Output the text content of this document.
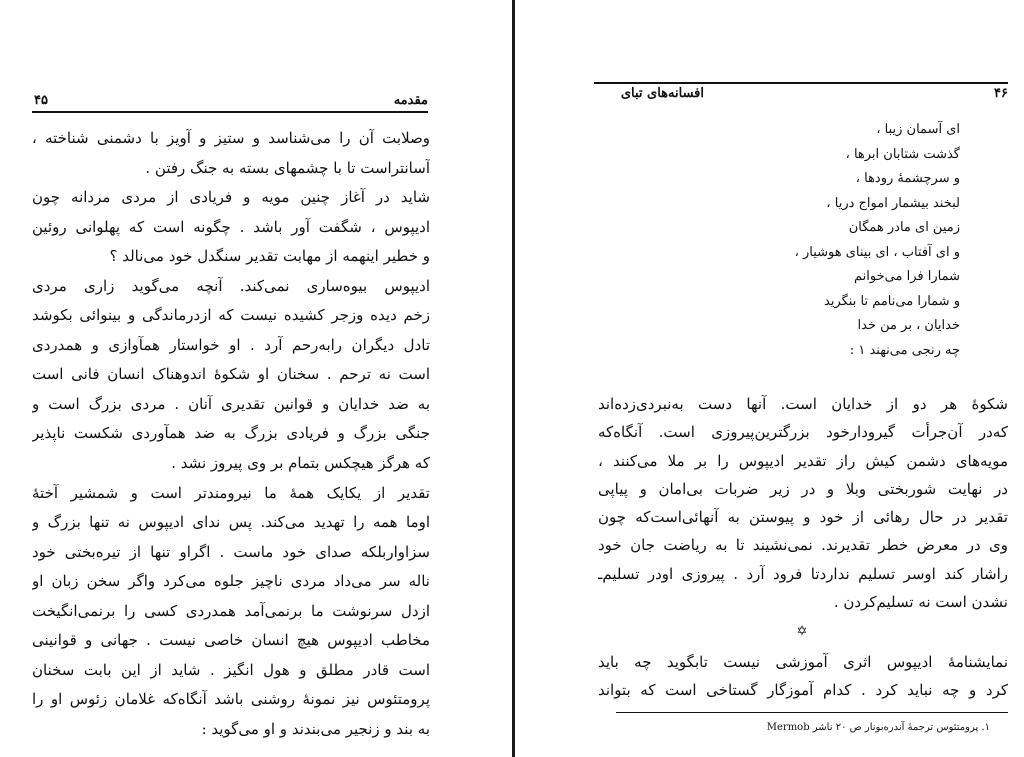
۴۵	مقدمه
وصلابت آن را می‌شناسد و ستیز و آویز با دشمنی شناخته ،
آسانتراست تا با چشمهای بسته به جنگ رفتن .
شاید در آغاز چنین مویه و فریادی از مردی مردانه چون
ادیپوس ، شگفت آور باشد . چگونه است که پهلوانی روئین
و خطیر اینهمه از مهابت تقدیر سنگدل خود می‌نالد ؟
ادیپوس بیوه‌ساری نمی‌کند. آنچه می‌گوید زاری مردی
زخم دیده وزجر کشیده نیست که ازدرماندگی و بینوائی بکوشد
تادل دیگران رابه‌رحم آرد . او خواستار همآوازی و همدردی
است نه ترحم . سخنان او شکوهٔ اندوهناک انسان فانی است
به ضد خدایان و قوانین تقدیری آنان . مردی بزرگ است و
جنگی بزرگ و فریادی بزرگ به ضد همآوردی شکست ناپذیر
که هرگز هیچکس بتمام بر وی پیروز نشد .
تقدیر از یکایک همهٔ ما نیرومندتر است و شمشیر آختهٔ
اوما همه را تهدید می‌کند. پس ندای ادیپوس نه تنها بزرگ و
سزاواربلکه صدای خود ماست . اگراو تنها از تیره‌بختی خود
ناله سر می‌داد مردی ناچیز جلوه می‌کرد واگر سخن زبان او
ازدل سرنوشت ما برنمی‌آمد همدردی کسی را برنمی‌انگیخت
مخاطب ادیپوس هیچ انسان خاصی نیست . جهانی و قوانینی
است قادر مطلق و هول انگیز . شاید از این بابت سخنان
پرومتئوس نیز نمونهٔ روشنی باشد آنگاه‌که غلامان زئوس او را
به بند و زنجیر می‌بندند و او می‌گوید :
۴۶
افسانه‌های تبای
ای آسمان زیبا ،
گذشت شتابان ابرها ،
و سرچشمهٔ رودها ،
لبخند بیشمار امواج دریا ،
زمین ای مادر همگان
و ای آفتاب ، ای بینای هوشیار ،
شمارا فرا می‌خوانم
و شمارا می‌نامم تا بنگرید
خدایان ، بر من خدا
چه رنجی می‌نهند ۱ :
شکوهٔ هر دو از خدایان است. آنها دست به‌نبردی‌زده‌اند
که‌در آن‌جرأت گیرودارخود بزرگترین‌پیروزی است. آنگاه‌که
مویه‌های دشمن کیش راز تقدیر ادیپوس را بر ملا می‌کنند ،
در نهایت شوربختی وبلا و در زیر ضربات بی‌امان و پیاپی
تقدیر در حال رهائی از خود و پیوستن به آنهائی‌است‌که چون
وی در معرض خطر تقدیرند. نمی‌نشیند تا به ریاضت جان خود
راشار کند اوسر تسلیم ندارد‌تا فرود آرد . پیروزی اودر تسلیم‌ـ
نشدن است نه تسلیم‌کردن .
✡
نمایشنامهٔ ادیپوس اثری آموزشی نیست تابگوید چه باید
کرد و چه نباید کرد . کدام آموزگار گستاخی است که بتواند
۱. پرومتئوس ترجمهٔ آندره‌بونار ص ۲۰ ناشر Mermob
